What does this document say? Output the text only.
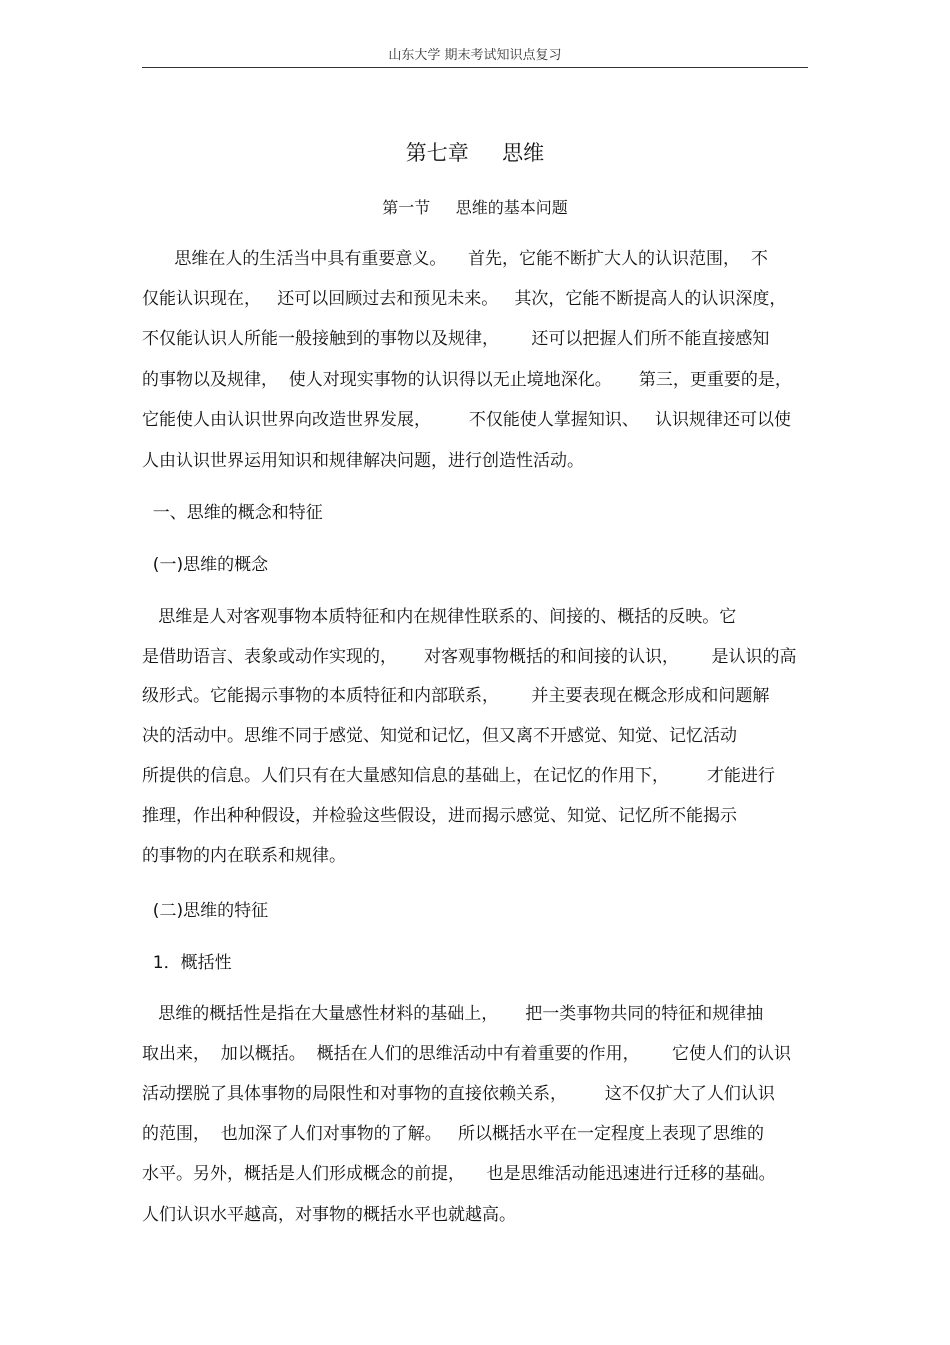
山东大学 期末考试知识点复习
第七章     思维
第一节     思维的基本问题
思维在人的生活当中具有重要意义。    首先，它能不断扩大人的认识范围，  不
仅能认识现在，   还可以回顾过去和预见未来。   其次，它能不断提高人的认识深度，
不仅能认识人所能一般接触到的事物以及规律，      还可以把握人们所不能直接感知
的事物以及规律，  使人对现实事物的认识得以无止境地深化。     第三，更重要的是，
它能使人由认识世界向改造世界发展，       不仅能使人掌握知识、   认识规律还可以使
人由认识世界运用知识和规律解决问题，进行创造性活动。
一、思维的概念和特征
(一)思维的概念
思维是人对客观事物本质特征和内在规律性联系的、间接的、概括的反映。它
是借助语言、表象或动作实现的，     对客观事物概括的和间接的认识，      是认识的高
级形式。它能揭示事物的本质特征和内部联系，      并主要表现在概念形成和问题解
决的活动中。思维不同于感觉、知觉和记忆，但又离不开感觉、知觉、记忆活动
所提供的信息。人们只有在大量感知信息的基础上，在记忆的作用下，       才能进行
推理，作出种种假设，并检验这些假设，进而揭示感觉、知觉、记忆所不能揭示
的事物的内在联系和规律。
(二)思维的特征
1．概括性
思维的概括性是指在大量感性材料的基础上，     把一类事物共同的特征和规律抽
取出来，  加以概括。  概括在人们的思维活动中有着重要的作用，      它使人们的认识
活动摆脱了具体事物的局限性和对事物的直接依赖关系，       这不仅扩大了人们认识
的范围，  也加深了人们对事物的了解。   所以概括水平在一定程度上表现了思维的
水平。另外，概括是人们形成概念的前提，    也是思维活动能迅速进行迁移的基础。
人们认识水平越高，对事物的概括水平也就越高。
